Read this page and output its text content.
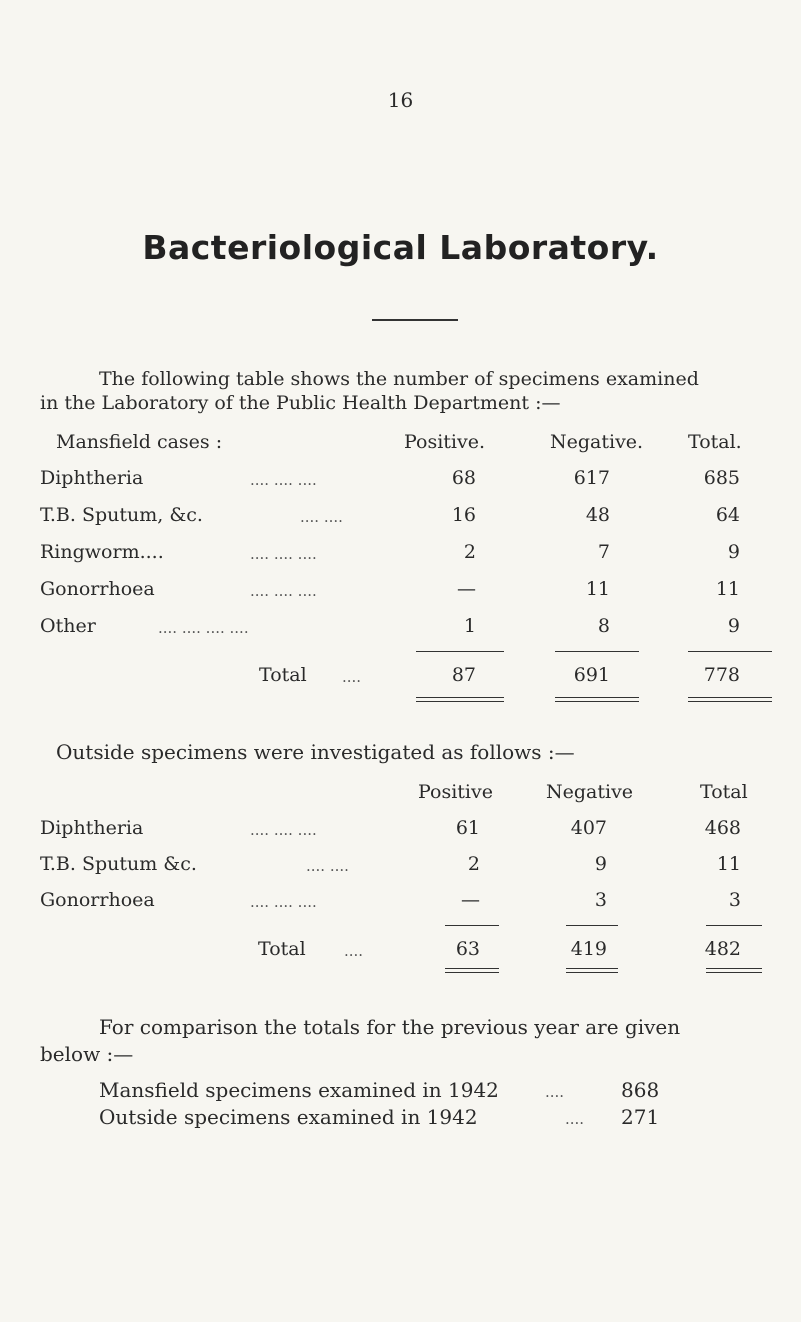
16
Bacteriological Laboratory.
The following table shows the number of specimens examined
in the Laboratory of the Public Health Department :—
Mansfield cases :	Positive.	Negative. Total.
Diphtheria	.... .... ....	68	617	685
T.B. Sputum, &c.	.... ....	16	48	64
Ringworm....	.... .... ....	2	7	9
Gonorrhoea	.... .... ....	—	11	11
Other	.... .... .... ....	1	8	9
Total ....	87	691	778
Outside specimens were investigated as follows :—
Positive	Negative	Total
Diphtheria	.... .... ....	61	407	468
T.B. Sputum &c.	.... ....	2	9	11
Gonorrhoea	.... .... ....	—	3	3
Total	....	63	419	482
For comparison the totals for the previous year are given
below :—
Mansfield specimens examined in 1942	....	868
Outside specimens examined in 1942	.... 271
